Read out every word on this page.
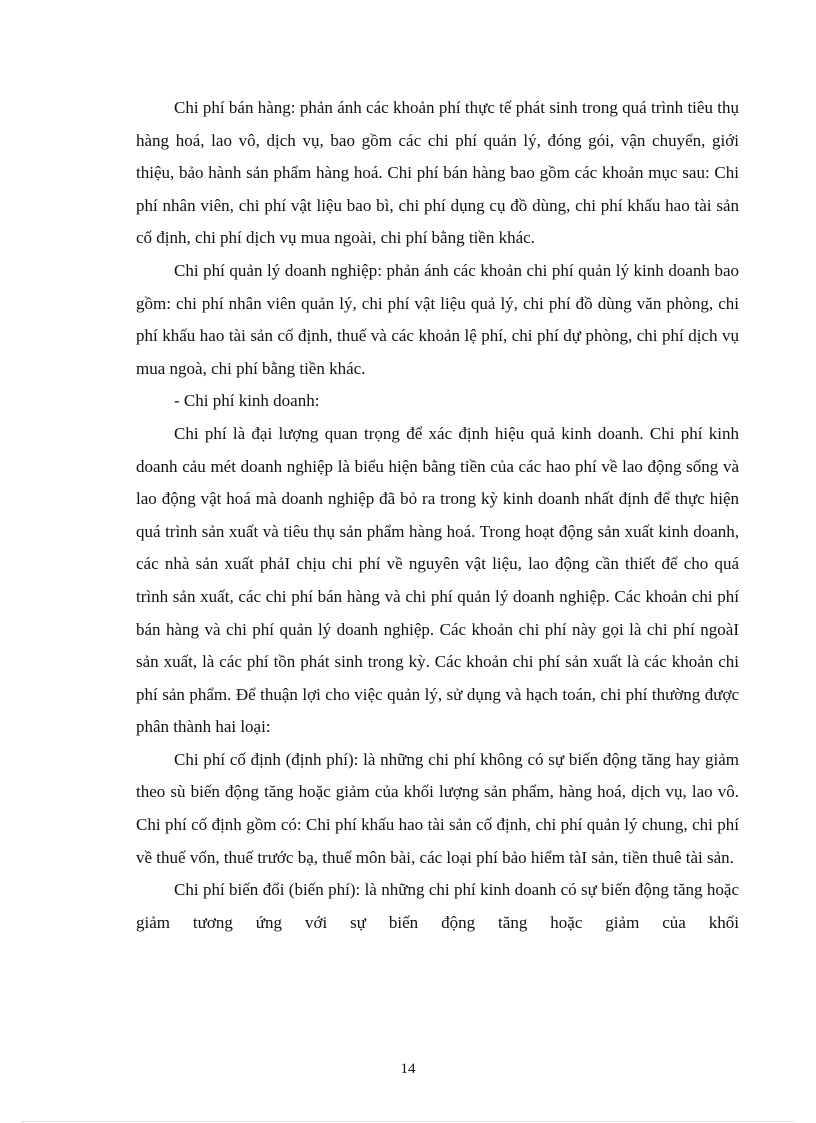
Chi phí bán hàng: phản ánh các khoản phí thực tế phát sinh trong quá trình tiêu thụ hàng hoá, lao vô, dịch vụ, bao gồm các chi phí quản lý, đóng gói, vận chuyển, giới thiệu, bảo hành sản phẩm hàng hoá. Chi phí bán hàng bao gồm các khoản mục sau: Chi phí nhân viên, chi phí vật liệu bao bì, chi phí dụng cụ đồ dùng, chi phí khấu hao tài sản cố định, chi phí dịch vụ mua ngoài, chi phí bằng tiền khác.

Chi phí quản lý doanh nghiệp: phản ánh các khoản chi phí quản lý kinh doanh bao gồm: chi phí nhân viên quản lý, chi phí vật liệu quả lý, chi phí đồ dùng văn phòng, chi phí khấu hao tài sản cố định, thuế và các khoản lệ phí, chi phí dự phòng, chi phí dịch vụ mua ngoà, chi phí bằng tiền khác.

- Chi phí kinh doanh:

Chi phí là đại lượng quan trọng để xác định hiệu quả kinh doanh. Chi phí kinh doanh cảu mét doanh nghiệp là biểu hiện bằng tiền của các hao phí về lao động sống và lao động vật hoá mà doanh nghiệp đã bỏ ra trong kỳ kinh doanh nhất định để thực hiện quá trình sản xuất và tiêu thụ sản phẩm hàng hoá. Trong hoạt động sản xuất kinh doanh, các nhà sản xuất phảI chịu chi phí về nguyên vật liệu, lao động cần thiết để cho quá trình sản xuất, các chi phí bán hàng và chi phí quản lý doanh nghiệp. Các khoản chi phí bán hàng và chi phí quản lý doanh nghiệp. Các khoản chi phí này gọi là chi phí ngoàI sản xuất, là các phí tồn phát sinh trong kỳ. Các khoản chi phí sản xuất là các khoản chi phí sản phẩm. Để thuận lợi cho việc quản lý, sử dụng và hạch toán, chi phí thường được phân thành hai loại:

Chi phí cố định (định phí): là những chi phí không có sự biến động tăng hay giảm theo sù biến động tăng hoặc giảm của khối lượng sản phẩm, hàng hoá, dịch vụ, lao vô. Chi phí cố định gồm có: Chi phí khấu hao tài sản cố định, chi phí quản lý chung, chi phí về thuế vốn, thuế trước bạ, thuế môn bài, các loại phí bảo hiểm tàI sản, tiền thuê tài sản.

Chi phí biến đổi (biến phí): là những chi phí kinh doanh có sự biến động tăng hoặc giảm tương ứng với sự biến động tăng hoặc giảm của khối

14
